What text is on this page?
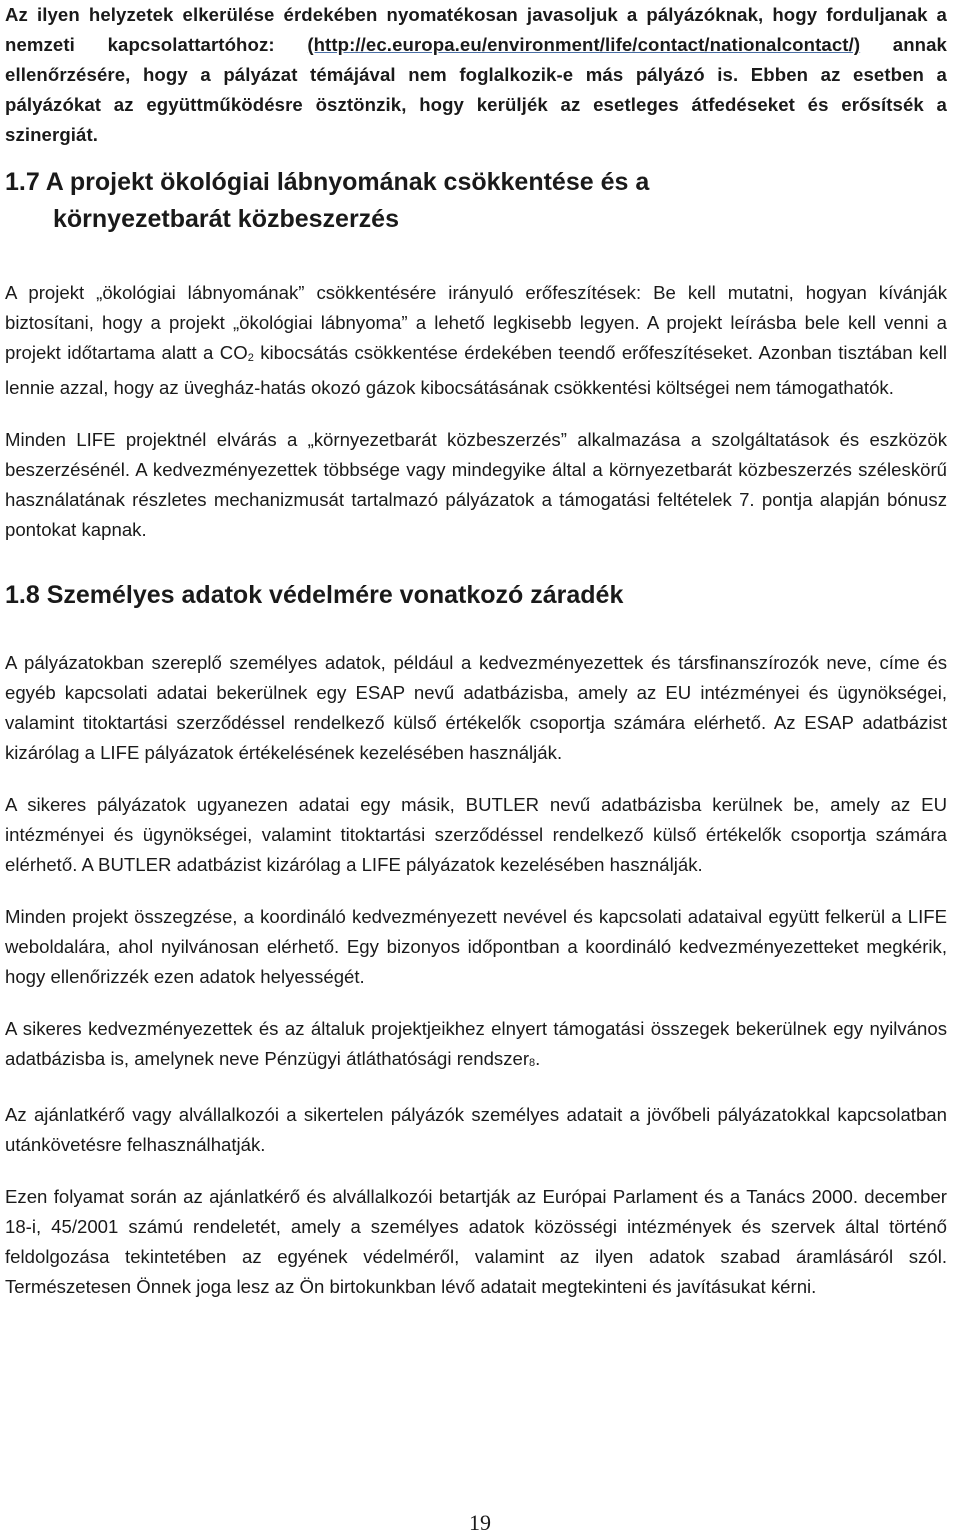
Az ilyen helyzetek elkerülése érdekében nyomatékosan javasoljuk a pályázóknak, hogy forduljanak a nemzeti kapcsolattartóhoz: (http://ec.europa.eu/environment/life/contact/nationalcontact/) annak ellenőrzésére, hogy a pályázat témájával nem foglalkozik-e más pályázó is. Ebben az esetben a pályázókat az együttműködésre ösztönzik, hogy kerüljék az esetleges átfedéseket és erősítsék a szinergiát.

1.7 A projekt ökológiai lábnyomának csökkentése és a
környezetbarát közbeszerzés

A projekt „ökológiai lábnyomának” csökkentésére irányuló erőfeszítések: Be kell mutatni, hogyan kívánják biztosítani, hogy a projekt „ökológiai lábnyoma” a lehető legkisebb legyen. A projekt leírásba bele kell venni a projekt időtartama alatt a $CO_2$ kibocsátás csökkentése érdekében teendő erőfeszítéseket. Azonban tisztában kell lennie azzal, hogy az üvegház-hatás okozó gázok kibocsátásának csökkentési költségei nem támogathatók.

Minden LIFE projektnél elvárás a „környezetbarát közbeszerzés” alkalmazása a szolgáltatások és eszközök beszerzésénél. A kedvezményezettek többsége vagy mindegyike által a környezetbarát közbeszerzés széleskörű használatának részletes mechanizmusát tartalmazó pályázatok a támogatási feltételek 7. pontja alapján bónusz pontokat kapnak.

1.8 Személyes adatok védelmére vonatkozó záradék

A pályázatokban szereplő személyes adatok, például a kedvezményezettek és társfinanszírozók neve, címe és egyéb kapcsolati adatai bekerülnek egy ESAP nevű adatbázisba, amely az EU intézményei és ügynökségei, valamint titoktartási szerződéssel rendelkező külső értékelők csoportja számára elérhető. Az ESAP adatbázist kizárólag a LIFE pályázatok értékelésének kezelésében használják.

A sikeres pályázatok ugyanezen adatai egy másik, BUTLER nevű adatbázisba kerülnek be, amely az EU intézményei és ügynökségei, valamint titoktartási szerződéssel rendelkező külső értékelők csoportja számára elérhető. A BUTLER adatbázist kizárólag a LIFE pályázatok kezelésében használják.

Minden projekt összegzése, a koordináló kedvezményezett nevével és kapcsolati adataival együtt felkerül a LIFE weboldalára, ahol nyilvánosan elérhető. Egy bizonyos időpontban a koordináló kedvezményezetteket megkérik, hogy ellenőrizzék ezen adatok helyességét.

A sikeres kedvezményezettek és az általuk projektjeikhez elnyert támogatási összegek bekerülnek egy nyilvános adatbázisba is, amelynek neve Pénzügyi átláthatósági rendszer8.

Az ajánlatkérő vagy alvállalkozói a sikertelen pályázók személyes adatait a jövőbeli pályázatokkal kapcsolatban utánkövetésre felhasználhatják.

Ezen folyamat során az ajánlatkérő és alvállalkozói betartják az Európai Parlament és a Tanács 2000. december 18-i, 45/2001 számú rendeletét, amely a személyes adatok közösségi intézmények és szervek által történő feldolgozása tekintetében az egyének védelméről, valamint az ilyen adatok szabad áramlásáról szól. Természetesen Önnek joga lesz az Ön birtokunkban lévő adatait megtekinteni és javításukat kérni.

19
